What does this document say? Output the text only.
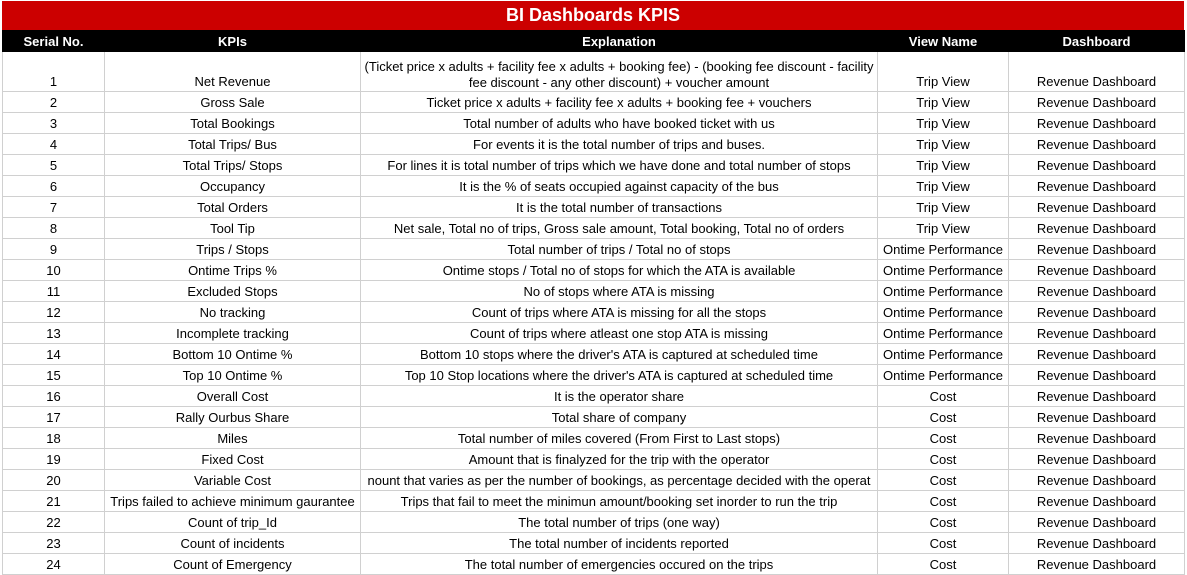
BI Dashboards KPIS
Serial No.	KPIs	Explanation	View Name	Dashboard
1	Net Revenue	(Ticket price x adults + facility fee x adults + booking fee) - (booking fee discount - facility fee discount - any other discount) + voucher amount	Trip View	Revenue Dashboard
2	Gross Sale	Ticket price x adults + facility fee x adults + booking fee + vouchers	Trip View	Revenue Dashboard
3	Total Bookings	Total number of adults who have booked ticket with us	Trip View	Revenue Dashboard
4	Total Trips/ Bus	For events it is the total number of trips and buses.	Trip View	Revenue Dashboard
5	Total Trips/ Stops	For lines it is total number of trips which we have done and total number of stops	Trip View	Revenue Dashboard
6	Occupancy	It is the % of seats occupied against capacity of the bus	Trip View	Revenue Dashboard
7	Total Orders	It is the total number of transactions	Trip View	Revenue Dashboard
8	Tool Tip	Net sale, Total no of trips, Gross sale amount, Total booking, Total no of orders	Trip View	Revenue Dashboard
9	Trips / Stops	Total number of trips / Total no of stops	Ontime Performance	Revenue Dashboard
10	Ontime Trips %	Ontime stops / Total no of stops for which the ATA is available	Ontime Performance	Revenue Dashboard
11	Excluded Stops	No of stops where ATA is missing	Ontime Performance	Revenue Dashboard
12	No tracking	Count of trips where ATA is missing for all the stops	Ontime Performance	Revenue Dashboard
13	Incomplete tracking	Count of trips where atleast one stop ATA is missing	Ontime Performance	Revenue Dashboard
14	Bottom 10 Ontime %	Bottom 10 stops where the driver's ATA is captured at scheduled time	Ontime Performance	Revenue Dashboard
15	Top 10 Ontime %	Top 10 Stop locations where the driver's ATA is captured at scheduled time	Ontime Performance	Revenue Dashboard
16	Overall Cost	It is the operator share	Cost	Revenue Dashboard
17	Rally Ourbus Share	Total share of company	Cost	Revenue Dashboard
18	Miles	Total number of miles covered (From First to Last stops)	Cost	Revenue Dashboard
19	Fixed Cost	Amount that is finalyzed for the trip with the operator	Cost	Revenue Dashboard
20	Variable Cost	nount that varies as per the number of bookings, as percentage decided with the operat	Cost	Revenue Dashboard
21	Trips failed to achieve minimum gaurantee	Trips that fail to meet the minimun amount/booking set inorder to run the trip	Cost	Revenue Dashboard
22	Count of trip_Id	The total number of trips (one way)	Cost	Revenue Dashboard
23	Count of incidents	The total number of incidents reported	Cost	Revenue Dashboard
24	Count of Emergency	The total number of emergencies occured on the trips	Cost	Revenue Dashboard
